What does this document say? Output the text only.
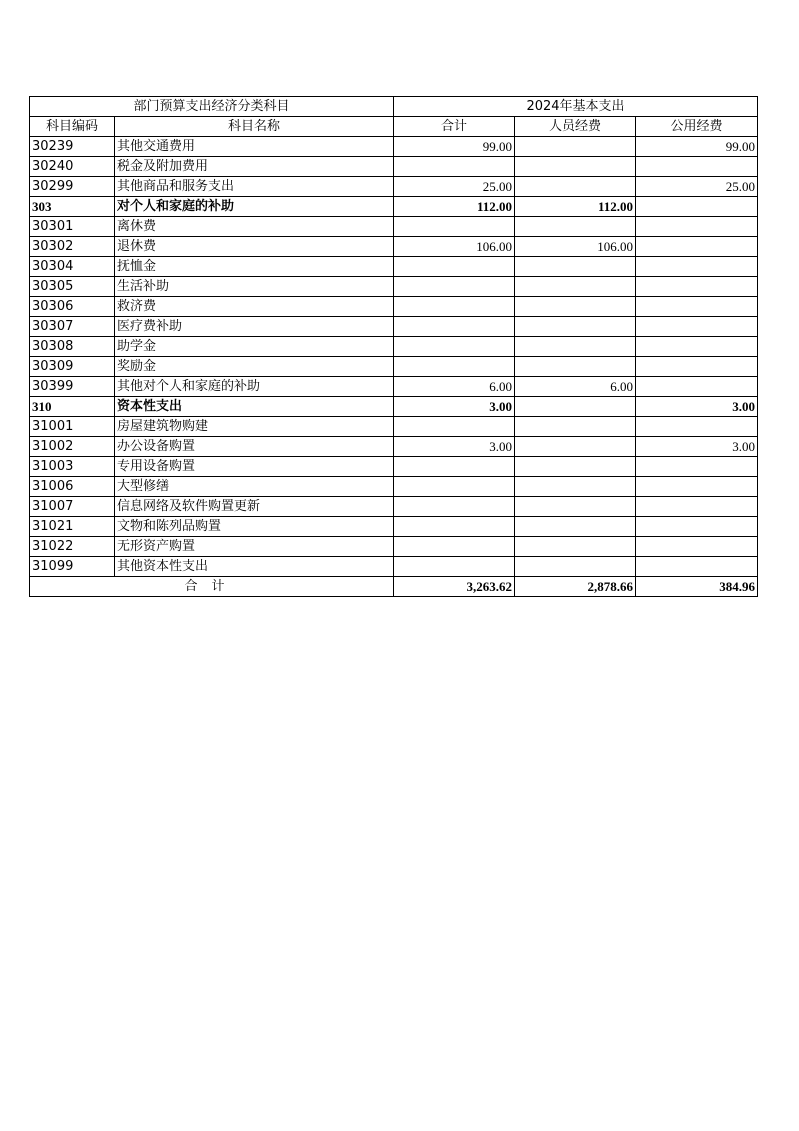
部门预算支出经济分类科目		2024年基本支出		
科目编码	科目名称	合计	人员经费	公用经费
30239	其他交通费用	99.00		99.00
30240	税金及附加费用			
30299	其他商品和服务支出	25.00		25.00
303	对个人和家庭的补助	112.00	112.00	
30301	离休费			
30302	退休费	106.00	106.00	
30304	抚恤金			
30305	生活补助			
30306	救济费			
30307	医疗费补助			
30308	助学金			
30309	奖励金			
30399	其他对个人和家庭的补助	6.00	6.00	
310	资本性支出	3.00		3.00
31001	房屋建筑物购建			
31002	办公设备购置	3.00		3.00
31003	专用设备购置			
31006	大型修缮			
31007	信息网络及软件购置更新			
31021	文物和陈列品购置			
31022	无形资产购置			
31099	其他资本性支出			
合计		3,263.62	2,878.66	384.96
